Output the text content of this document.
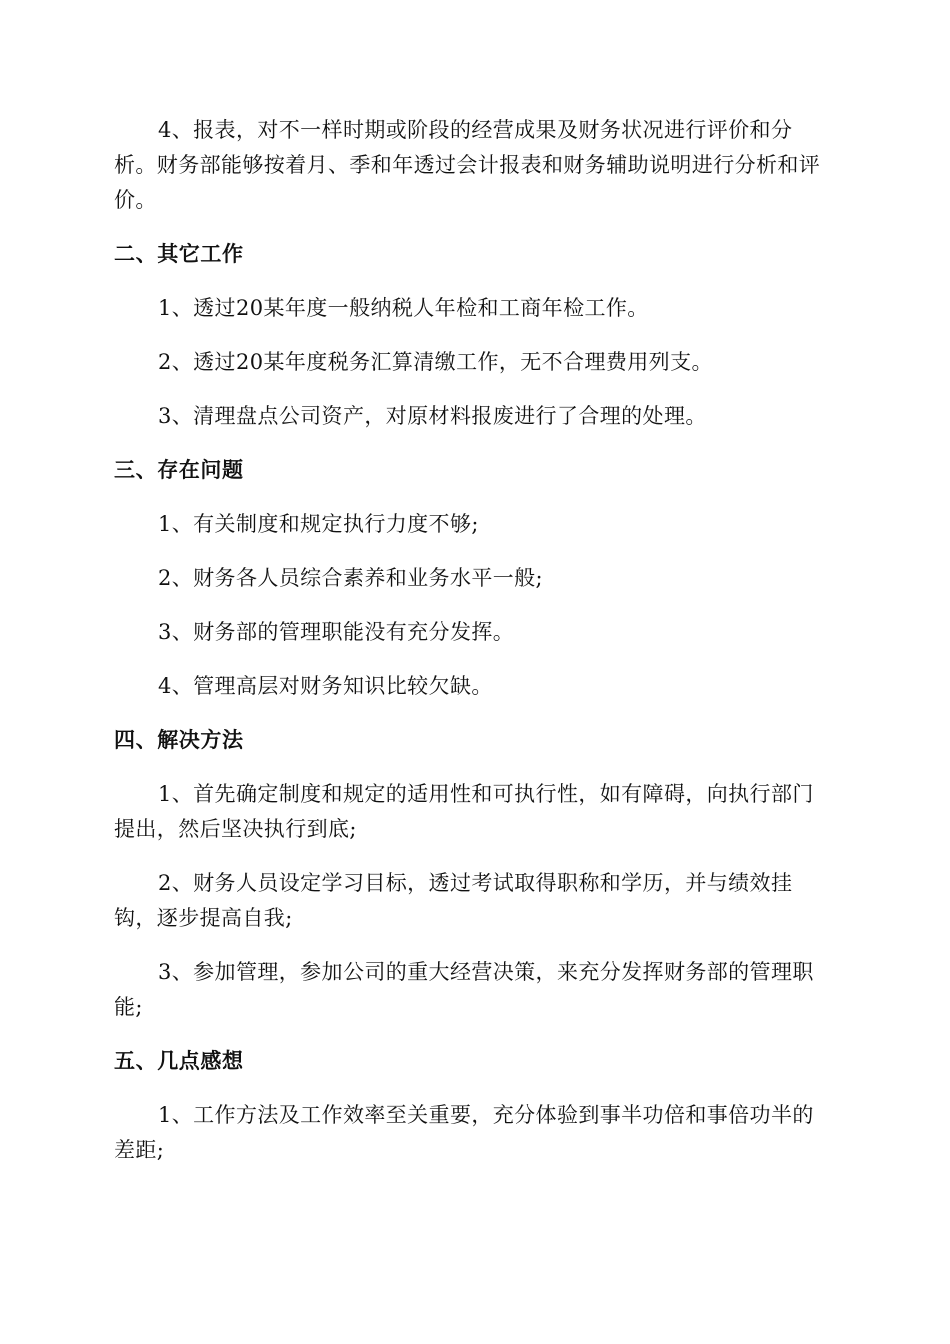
4、报表，对不一样时期或阶段的经营成果及财务状况进行评价和分析。财务部能够按着月、季和年透过会计报表和财务辅助说明进行分析和评价。

二、其它工作

1、透过20某年度一般纳税人年检和工商年检工作。

2、透过20某年度税务汇算清缴工作，无不合理费用列支。

3、清理盘点公司资产，对原材料报废进行了合理的处理。

三、存在问题

1、有关制度和规定执行力度不够;

2、财务各人员综合素养和业务水平一般;

3、财务部的管理职能没有充分发挥。

4、管理高层对财务知识比较欠缺。

四、解决方法

1、首先确定制度和规定的适用性和可执行性，如有障碍，向执行部门提出，然后坚决执行到底;

2、财务人员设定学习目标，透过考试取得职称和学历，并与绩效挂钩，逐步提高自我;

3、参加管理，参加公司的重大经营决策，来充分发挥财务部的管理职能;

五、几点感想

1、工作方法及工作效率至关重要，充分体验到事半功倍和事倍功半的差距;
